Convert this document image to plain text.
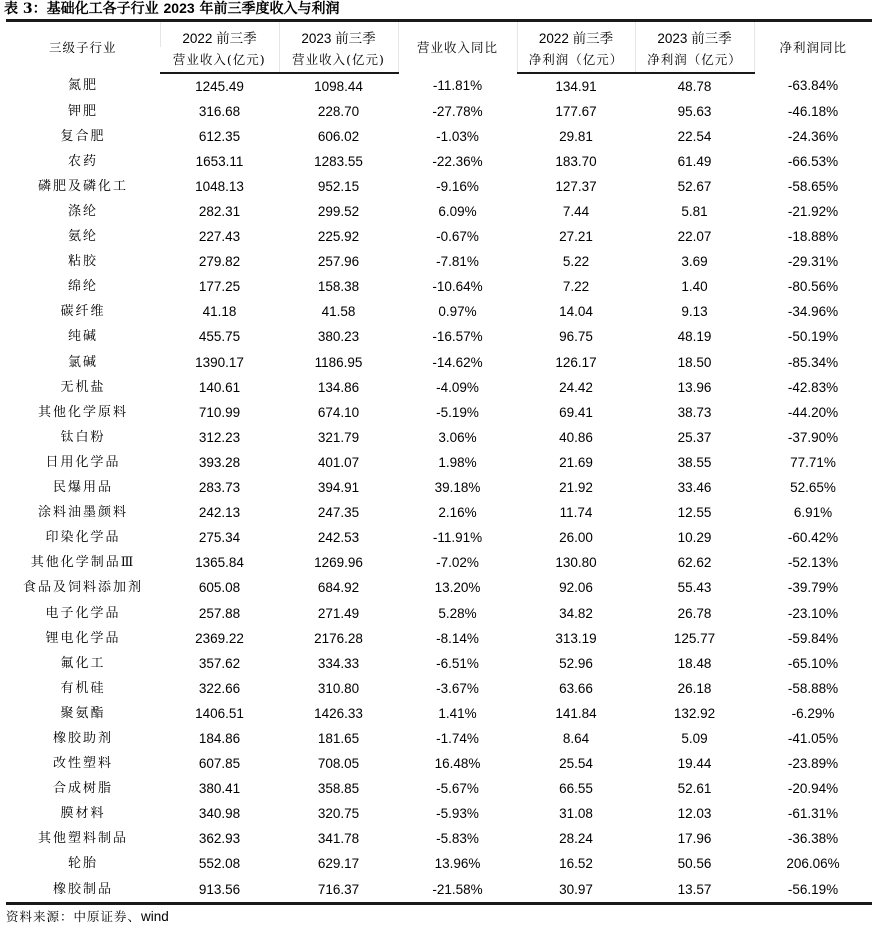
表 3：基础化工各子行业 2023 年前三季度收入与利润
三级子行业	2022 前三季	2023 前三季	营业收入同比	2022 前三季	2023 前三季	净利润同比
	营业收入(亿元)	营业收入(亿元)		净利润（亿元）	净利润（亿元）	
氮肥	1245.49	1098.44	-11.81%	134.91	48.78	-63.84%
钾肥	316.68	228.70	-27.78%	177.67	95.63	-46.18%
复合肥	612.35	606.02	-1.03%	29.81	22.54	-24.36%
农药	1653.11	1283.55	-22.36%	183.70	61.49	-66.53%
磷肥及磷化工	1048.13	952.15	-9.16%	127.37	52.67	-58.65%
涤纶	282.31	299.52	6.09%	7.44	5.81	-21.92%
氨纶	227.43	225.92	-0.67%	27.21	22.07	-18.88%
粘胶	279.82	257.96	-7.81%	5.22	3.69	-29.31%
绵纶	177.25	158.38	-10.64%	7.22	1.40	-80.56%
碳纤维	41.18	41.58	0.97%	14.04	9.13	-34.96%
纯碱	455.75	380.23	-16.57%	96.75	48.19	-50.19%
氯碱	1390.17	1186.95	-14.62%	126.17	18.50	-85.34%
无机盐	140.61	134.86	-4.09%	24.42	13.96	-42.83%
其他化学原料	710.99	674.10	-5.19%	69.41	38.73	-44.20%
钛白粉	312.23	321.79	3.06%	40.86	25.37	-37.90%
日用化学品	393.28	401.07	1.98%	21.69	38.55	77.71%
民爆用品	283.73	394.91	39.18%	21.92	33.46	52.65%
涂料油墨颜料	242.13	247.35	2.16%	11.74	12.55	6.91%
印染化学品	275.34	242.53	-11.91%	26.00	10.29	-60.42%
其他化学制品Ⅲ	1365.84	1269.96	-7.02%	130.80	62.62	-52.13%
食品及饲料添加剂	605.08	684.92	13.20%	92.06	55.43	-39.79%
电子化学品	257.88	271.49	5.28%	34.82	26.78	-23.10%
锂电化学品	2369.22	2176.28	-8.14%	313.19	125.77	-59.84%
氟化工	357.62	334.33	-6.51%	52.96	18.48	-65.10%
有机硅	322.66	310.80	-3.67%	63.66	26.18	-58.88%
聚氨酯	1406.51	1426.33	1.41%	141.84	132.92	-6.29%
橡胶助剂	184.86	181.65	-1.74%	8.64	5.09	-41.05%
改性塑料	607.85	708.05	16.48%	25.54	19.44	-23.89%
合成树脂	380.41	358.85	-5.67%	66.55	52.61	-20.94%
膜材料	340.98	320.75	-5.93%	31.08	12.03	-61.31%
其他塑料制品	362.93	341.78	-5.83%	28.24	17.96	-36.38%
轮胎	552.08	629.17	13.96%	16.52	50.56	206.06%
橡胶制品	913.56	716.37	-21.58%	30.97	13.57	-56.19%
资料来源：中原证券、wind
